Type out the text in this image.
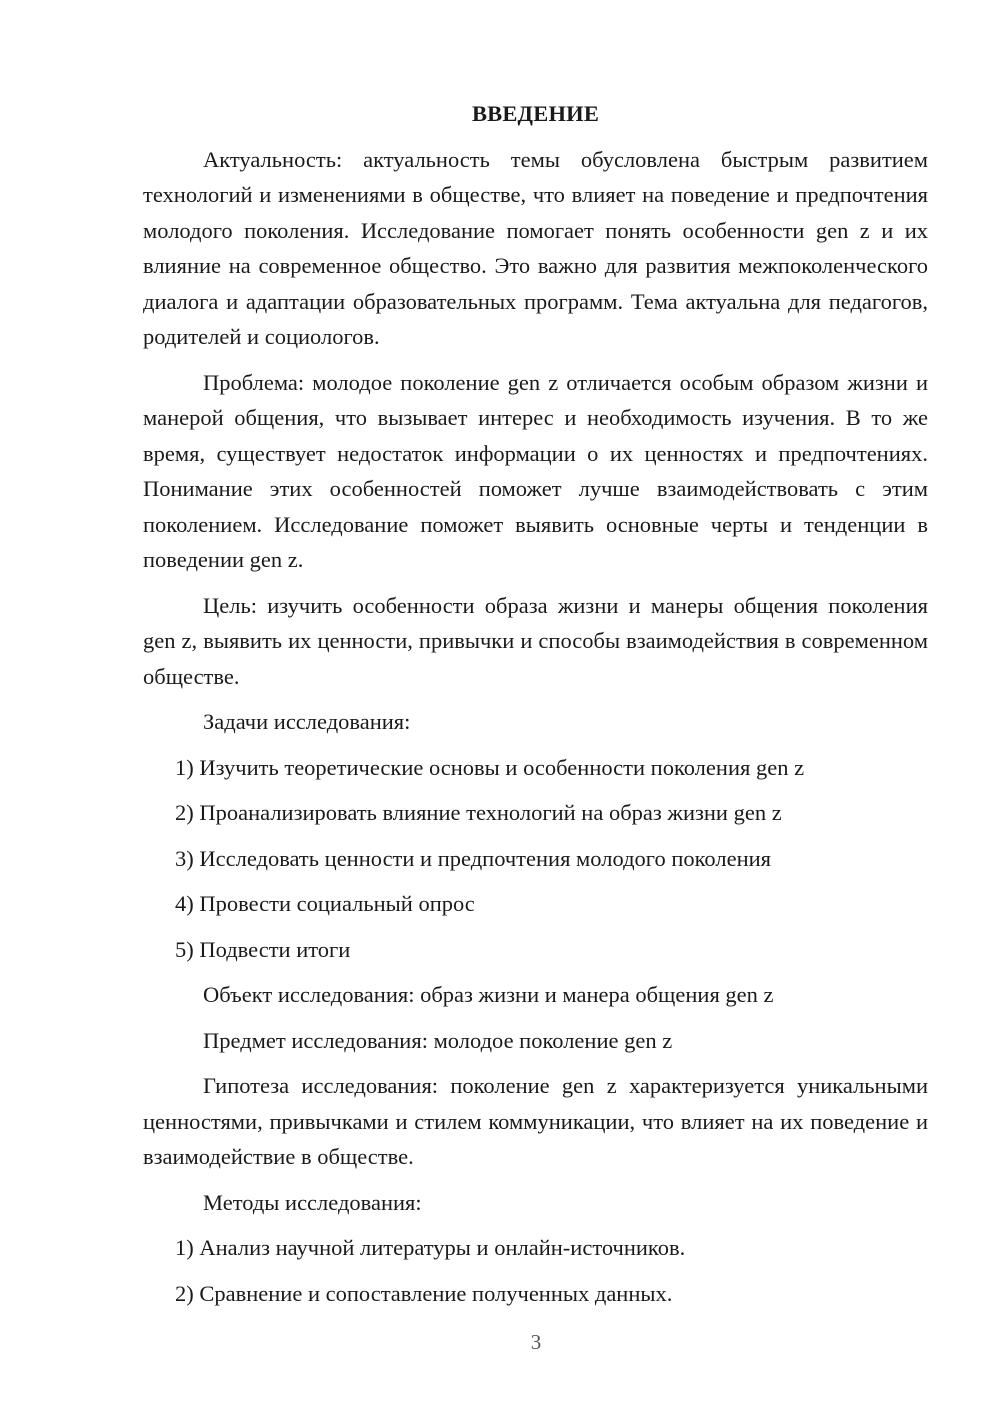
ВВЕДЕНИЕ
Актуальность: актуальность темы обусловлена быстрым развитием технологий и изменениями в обществе, что влияет на поведение и предпочтения молодого поколения. Исследование помогает понять особенности gen z и их влияние на современное общество. Это важно для развития межпоколенческого диалога и адаптации образовательных программ. Тема актуальна для педагогов, родителей и социологов.
Проблема: молодое поколение gen z отличается особым образом жизни и манерой общения, что вызывает интерес и необходимость изучения. В то же время, существует недостаток информации о их ценностях и предпочтениях. Понимание этих особенностей поможет лучше взаимодействовать с этим поколением. Исследование поможет выявить основные черты и тенденции в поведении gen z.
Цель: изучить особенности образа жизни и манеры общения поколения gen z, выявить их ценности, привычки и способы взаимодействия в современном обществе.
Задачи исследования:
1) Изучить теоретические основы и особенности поколения gen z
2) Проанализировать влияние технологий на образ жизни gen z
3) Исследовать ценности и предпочтения молодого поколения
4) Провести социальный опрос
5) Подвести итоги
Объект исследования: образ жизни и манера общения gen z
Предмет исследования: молодое поколение gen z
Гипотеза исследования: поколение gen z характеризуется уникальными ценностями, привычками и стилем коммуникации, что влияет на их поведение и взаимодействие в обществе.
Методы исследования:
1) Анализ научной литературы и онлайн-источников.
2) Сравнение и сопоставление полученных данных.
3
